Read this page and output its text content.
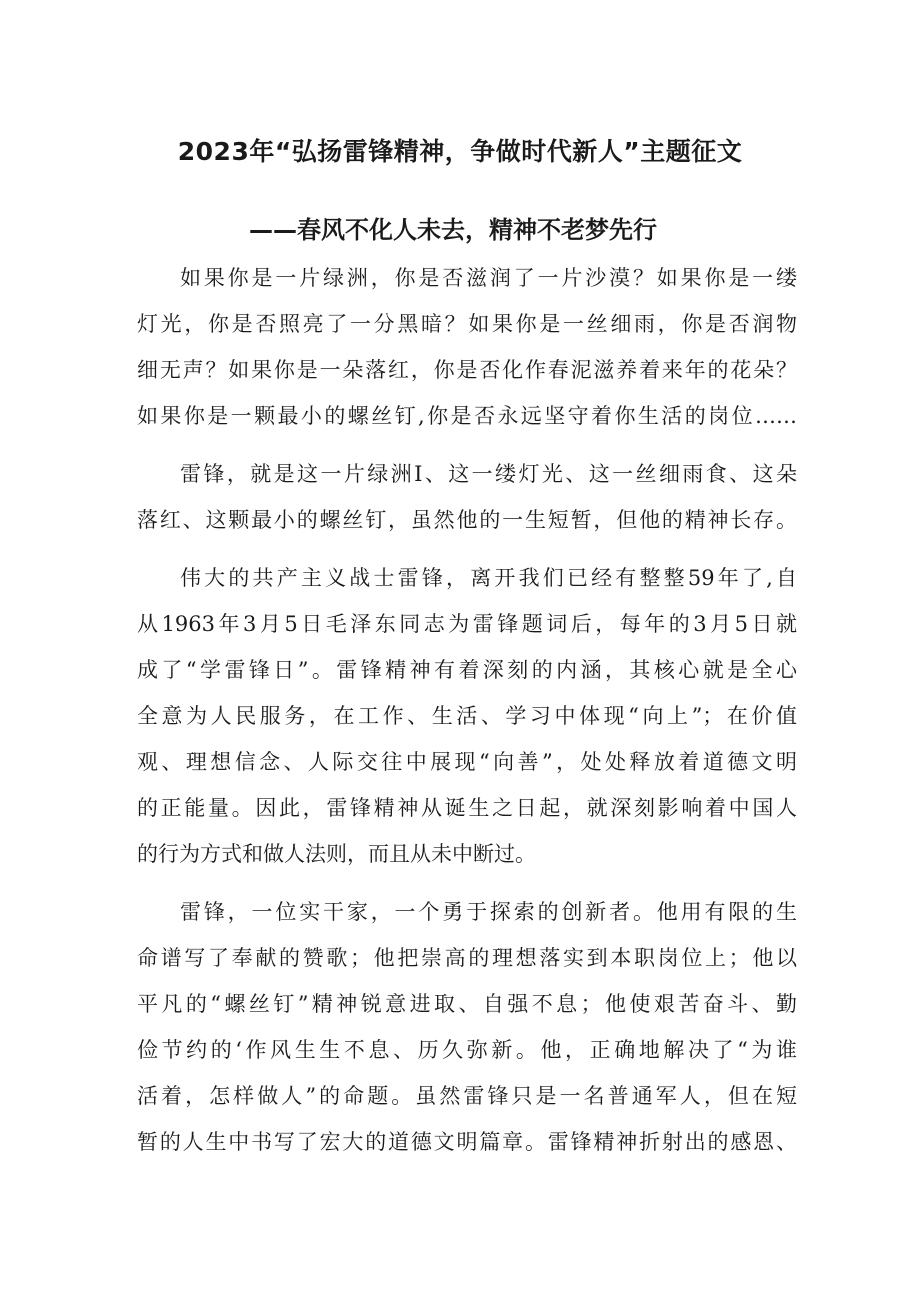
2023年“弘扬雷锋精神，争做时代新人”主题征文
——春风不化人未去，精神不老梦先行
如果你是一片绿洲，你是否滋润了一片沙漠？如果你是一缕
灯光，你是否照亮了一分黑暗？如果你是一丝细雨，你是否润物
细无声？如果你是一朵落红，你是否化作春泥滋养着来年的花朵？
如果你是一颗最小的螺丝钉,你是否永远坚守着你生活的岗位……
雷锋，就是这一片绿洲I、这一缕灯光、这一丝细雨食、这朵
落红、这颗最小的螺丝钉，虽然他的一生短暂，但他的精神长存。
伟大的共产主义战士雷锋，离开我们已经有整整59年了,自
从1963年3月5日毛泽东同志为雷锋题词后，每年的3月5日就
成了“学雷锋日”。雷锋精神有着深刻的内涵，其核心就是全心
全意为人民服务，在工作、生活、学习中体现“向上”；在价值
观、理想信念、人际交往中展现“向善”，处处释放着道德文明
的正能量。因此，雷锋精神从诞生之日起，就深刻影响着中国人
的行为方式和做人法则，而且从未中断过。
雷锋，一位实干家，一个勇于探索的创新者。他用有限的生
命谱写了奉献的赞歌；他把崇高的理想落实到本职岗位上；他以
平凡的“螺丝钉”精神锐意进取、自强不息；他使艰苦奋斗、勤
俭节约的‘作风生生不息、历久弥新。他，正确地解决了“为谁
活着，怎样做人”的命题。虽然雷锋只是一名普通军人，但在短
暂的人生中书写了宏大的道德文明篇章。雷锋精神折射出的感恩、
